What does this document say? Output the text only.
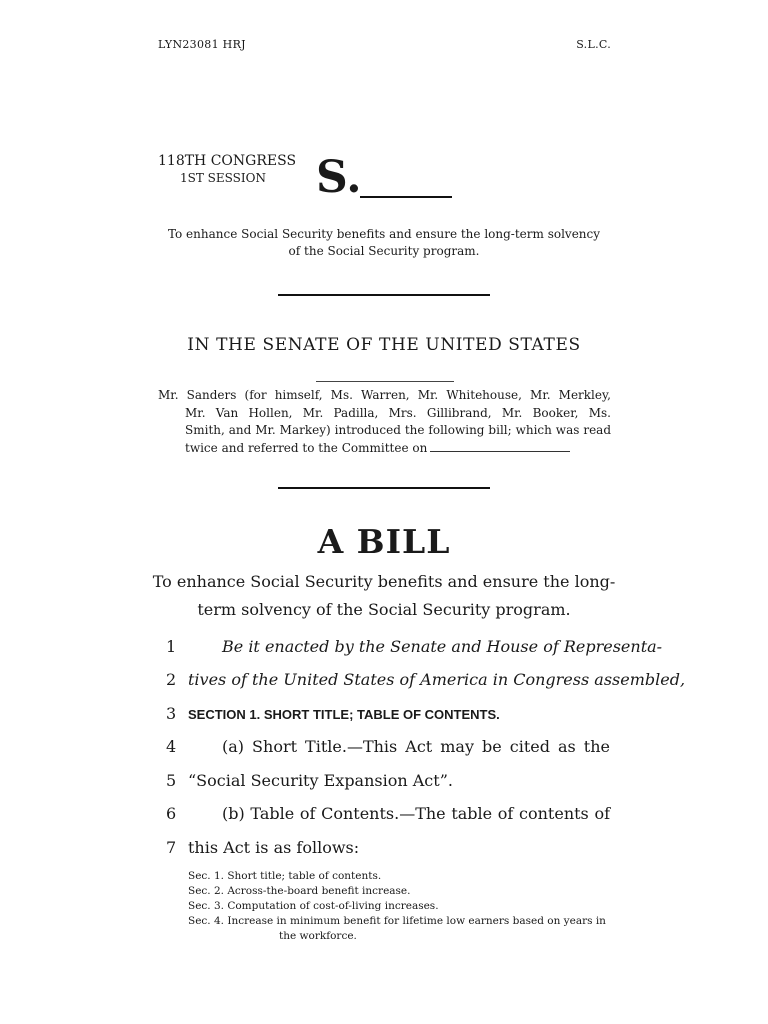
LYN23081 HRJ	S.L.C.
118TH CONGRESS
1ST SESSION S.
To enhance Social Security benefits and ensure the long-term solvency of the Social Security program.
IN THE SENATE OF THE UNITED STATES
Mr. Sanders (for himself, Ms. Warren, Mr. Whitehouse, Mr. Merkley,
Mr. Van Hollen, Mr. Padilla, Mrs. Gillibrand, Mr. Booker, Ms.
Smith, and Mr. Markey) introduced the following bill; which was read
twice and referred to the Committee on
A BILL
To enhance Social Security benefits and ensure the long-
term solvency of the Social Security program.
1	Be it enacted by the Senate and House of Representa-
2 tives of the United States of America in Congress assembled,
3 SECTION 1. SHORT TITLE; TABLE OF CONTENTS.
4	(a) Short Title.—This Act may be cited as the
5 “Social Security Expansion Act”.
6	(b) Table of Contents.—The table of contents of
7 this Act is as follows:
Sec. 1. Short title; table of contents.
Sec. 2. Across-the-board benefit increase.
Sec. 3. Computation of cost-of-living increases.
Sec. 4. Increase in minimum benefit for lifetime low earners based on years in
the workforce.
